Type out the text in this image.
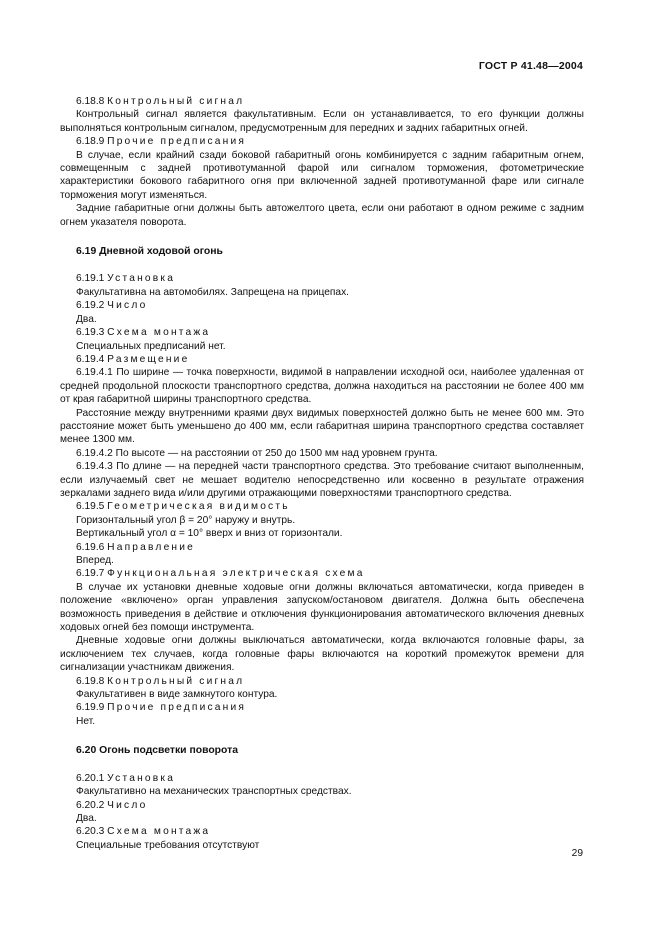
ГОСТ Р 41.48—2004

6.18.8 Контрольный сигнал

Контрольный сигнал является факультативным. Если он устанавливается, то его функции должны выполняться контрольным сигналом, предусмотренным для передних и задних габаритных огней.

6.18.9 Прочие предписания

В случае, если крайний сзади боковой габаритный огонь комбинируется с задним габаритным огнем, совмещенным с задней противотуманной фарой или сигналом торможения, фотометрические характеристики бокового габаритного огня при включенной задней противотуманной фаре или сигнале торможения могут изменяться.

Задние габаритные огни должны быть автожелтого цвета, если они работают в одном режиме с задним огнем указателя поворота.

6.19 Дневной ходовой огонь

6.19.1 Установка

Факультативна на автомобилях. Запрещена на прицепах.

6.19.2 Число

Два.

6.19.3 Схема монтажа

Специальных предписаний нет.

6.19.4 Размещение

6.19.4.1 По ширине — точка поверхности, видимой в направлении исходной оси, наиболее удаленная от средней продольной плоскости транспортного средства, должна находиться на расстоянии не более 400 мм от края габаритной ширины транспортного средства.

Расстояние между внутренними краями двух видимых поверхностей должно быть не менее 600 мм. Это расстояние может быть уменьшено до 400 мм, если габаритная ширина транспортного средства составляет менее 1300 мм.

6.19.4.2 По высоте — на расстоянии от 250 до 1500 мм над уровнем грунта.

6.19.4.3 По длине — на передней части транспортного средства. Это требование считают выполненным, если излучаемый свет не мешает водителю непосредственно или косвенно в результате отражения зеркалами заднего вида и/или другими отражающими поверхностями транспортного средства.

6.19.5 Геометрическая видимость

Горизонтальный угол β = 20° наружу и внутрь.

Вертикальный угол α = 10° вверх и вниз от горизонтали.

6.19.6 Направление

Вперед.

6.19.7 Функциональная электрическая схема

В случае их установки дневные ходовые огни должны включаться автоматически, когда приведен в положение «включено» орган управления запуском/остановом двигателя. Должна быть обеспечена возможность приведения в действие и отключения функционирования автоматического включения дневных ходовых огней без помощи инструмента.

Дневные ходовые огни должны выключаться автоматически, когда включаются головные фары, за исключением тех случаев, когда головные фары включаются на короткий промежуток времени для сигнализации участникам движения.

6.19.8 Контрольный сигнал

Факультативен в виде замкнутого контура.

6.19.9 Прочие предписания

Нет.

6.20 Огонь подсветки поворота

6.20.1 Установка

Факультативно на механических транспортных средствах.

6.20.2 Число

Два.

6.20.3 Схема монтажа

Специальные требования отсутствуют

29
